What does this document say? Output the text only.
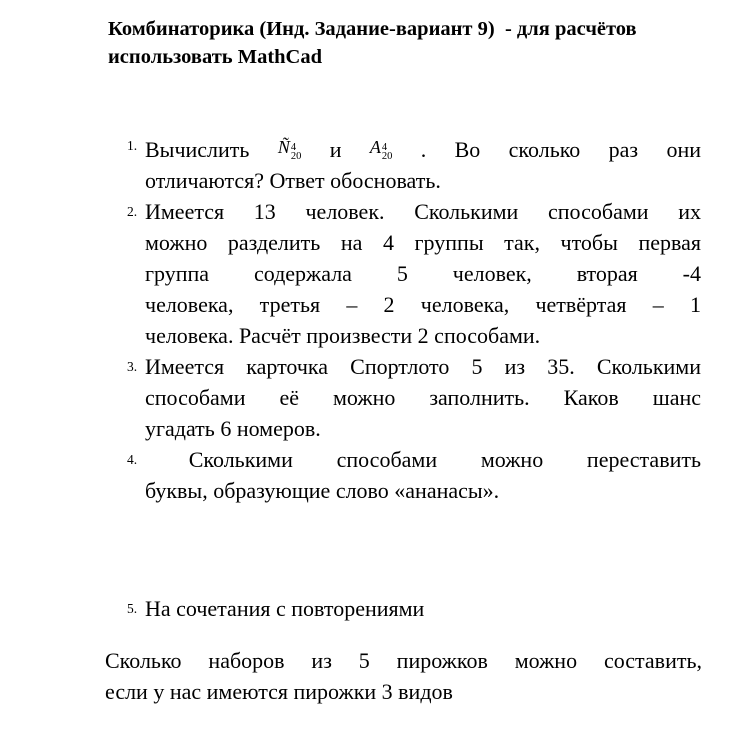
Комбинаторика (Инд. Задание-вариант 9)  - для расчётов
использовать MathCad
1. Вычислить Ñ 4
20 и A 4
20 . Во сколько раз они
отличаются? Ответ обосновать.
2. Имеется 13 человек. Сколькими способами их
можно разделить на 4 группы так, чтобы первая
группа содержала 5 человек, вторая -4
человека, третья – 2 человека, четвёртая – 1
человека. Расчёт произвести 2 способами.
3. Имеется карточка Спортлото 5 из 35. Сколькими
способами её можно заполнить. Каков шанс
угадать 6 номеров.
4. Сколькими способами можно переставить
буквы, образующие слово «ананасы».
5. На сочетания с повторениями

Сколько наборов из 5 пирожков можно составить,
если у нас имеются пирожки 3 видов
